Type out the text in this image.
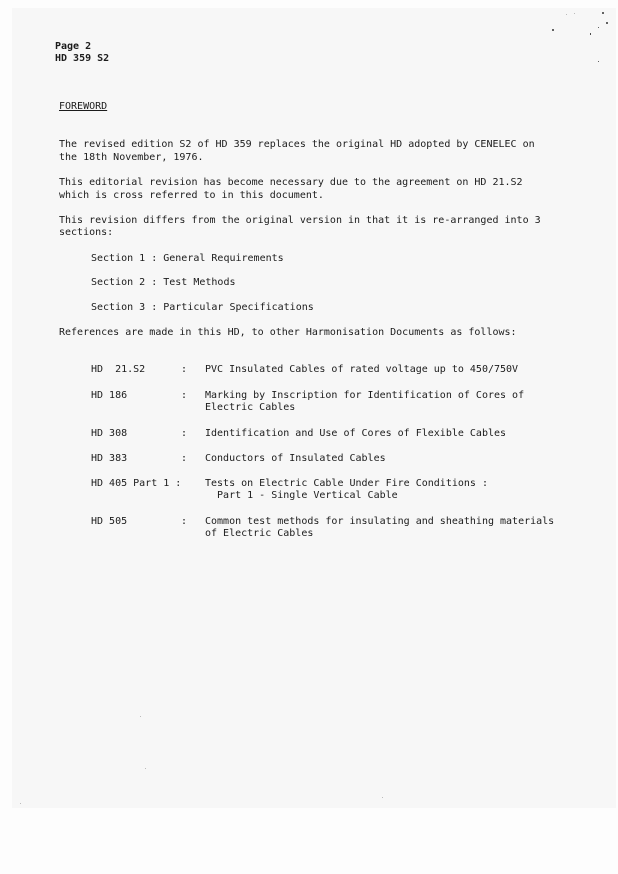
Page 2
HD 359 S2
FOREWORD
The revised edition S2 of HD 359 replaces the original HD adopted by CENELEC on
the 18th November, 1976.
This editorial revision has become necessary due to the agreement on HD 21.S2
which is cross referred to in this document.
This revision differs from the original version in that it is re-arranged into 3
sections:
Section 1 : General Requirements
Section 2 : Test Methods
Section 3 : Particular Specifications
References are made in this HD, to other Harmonisation Documents as follows:
HD  21.S2	: PVC Insulated Cables of rated voltage up to 450/750V
HD 186	: Marking by Inscription for Identification of Cores of
Electric Cables
HD 308	: Identification and Use of Cores of Flexible Cables
HD 383	: Conductors of Insulated Cables
HD 405 Part 1 : Tests on Electric Cable Under Fire Conditions :
Part 1 - Single Vertical Cable
HD 505	: Common test methods for insulating and sheathing materials
of Electric Cables
